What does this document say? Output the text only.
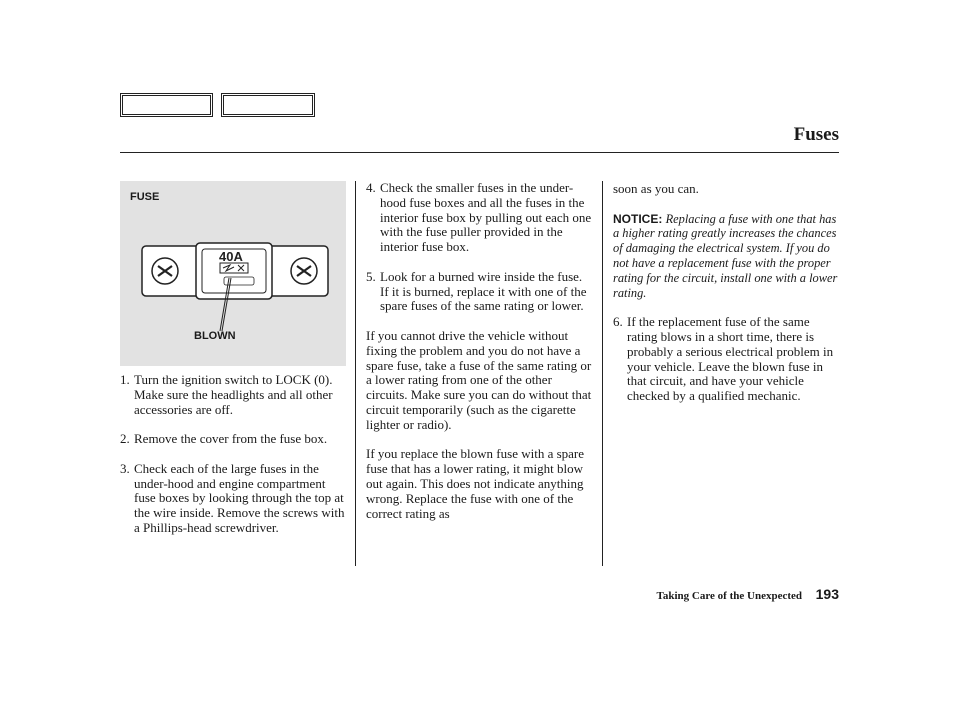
Fuses
40A
FUSE
BLOWN
1. Turn the ignition switch to LOCK (0). Make sure the headlights and all other accessories are off.
2. Remove the cover from the fuse box.
3. Check each of the large fuses in the under-hood and engine compartment fuse boxes by looking through the top at the wire inside. Remove the screws with a Phillips-head screwdriver.
4. Check the smaller fuses in the under-hood fuse boxes and all the fuses in the interior fuse box by pulling out each one with the fuse puller provided in the interior fuse box.
5. Look for a burned wire inside the fuse. If it is burned, replace it with one of the spare fuses of the same rating or lower.

If you cannot drive the vehicle without fixing the problem and you do not have a spare fuse, take a fuse of the same rating or a lower rating from one of the other circuits. Make sure you can do without that circuit temporarily (such as the cigarette lighter or radio).

If you replace the blown fuse with a spare fuse that has a lower rating, it might blow out again. This does not indicate anything wrong. Replace the fuse with one of the correct rating as

soon as you can.

NOTICE: Replacing a fuse with one that has a higher rating greatly increases the chances of damaging the electrical system. If you do not have a replacement fuse with the proper rating for the circuit, install one with a lower rating.

6. If the replacement fuse of the same rating blows in a short time, there is probably a serious electrical problem in your vehicle. Leave the blown fuse in that circuit, and have your vehicle checked by a qualified mechanic.
Taking Care of the Unexpected 193
